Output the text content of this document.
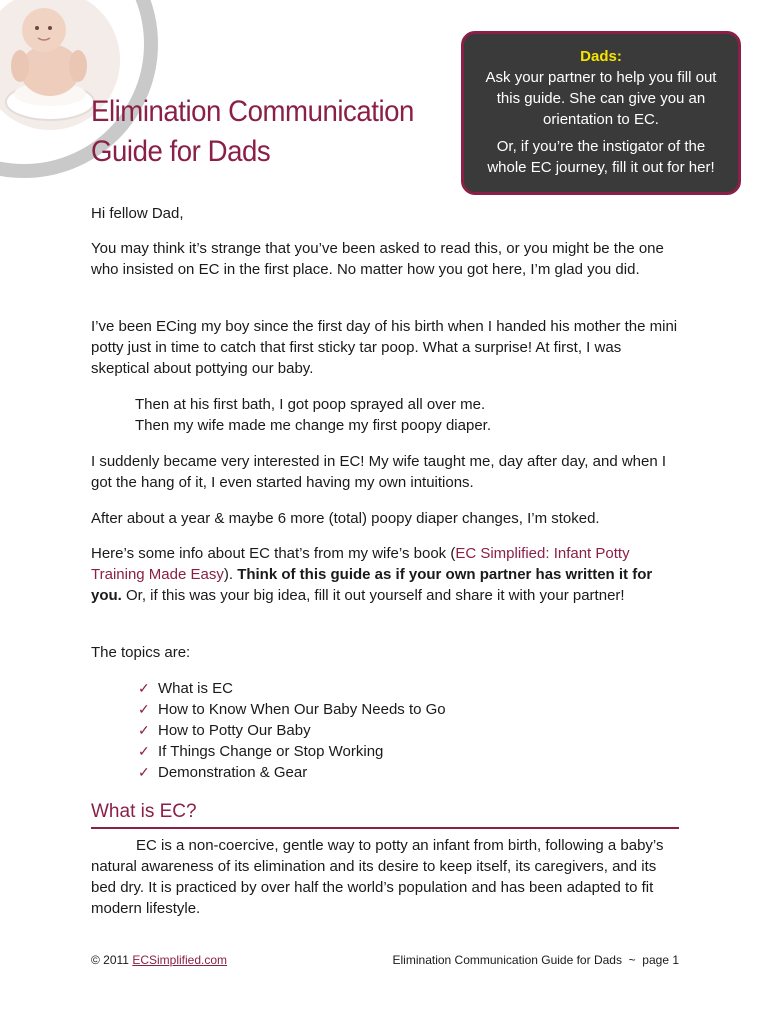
Elimination Communication
Guide for Dads
Dads:

Ask your partner to help you fill out this guide. She can give you an orientation to EC.

Or, if you’re the instigator of the whole EC journey, fill it out for her!

Hi fellow Dad,

You may think it’s strange that you’ve been asked to read this, or you might be the one who insisted on EC in the first place. No matter how you got here, I’m glad you did.

I’ve been ECing my boy since the first day of his birth when I handed his mother the mini potty just in time to catch that first sticky tar poop. What a surprise! At first, I was skeptical about pottying our baby.

Then at his first bath, I got poop sprayed all over me.
Then my wife made me change my first poopy diaper.

I suddenly became very interested in EC! My wife taught me, day after day, and when I got the hang of it, I even started having my own intuitions.

After about a year & maybe 6 more (total) poopy diaper changes, I’m stoked.

Here’s some info about EC that’s from my wife’s book (EC Simplified: Infant Potty Training Made Easy). Think of this guide as if your own partner has written it for you. Or, if this was your big idea, fill it out yourself and share it with your partner!

The topics are:

✓ What is EC
✓ How to Know When Our Baby Needs to Go
✓ How to Potty Our Baby
✓ If Things Change or Stop Working
✓ Demonstration & Gear
What is EC?

EC is a non-coercive, gentle way to potty an infant from birth, following a baby’s natural awareness of its elimination and its desire to keep itself, its caregivers, and its bed dry. It is practiced by over half the world’s population and has been adapted to fit modern lifestyle.

© 2011 ECSimplified.com	Elimination Communication Guide for Dads  ~  page 1
